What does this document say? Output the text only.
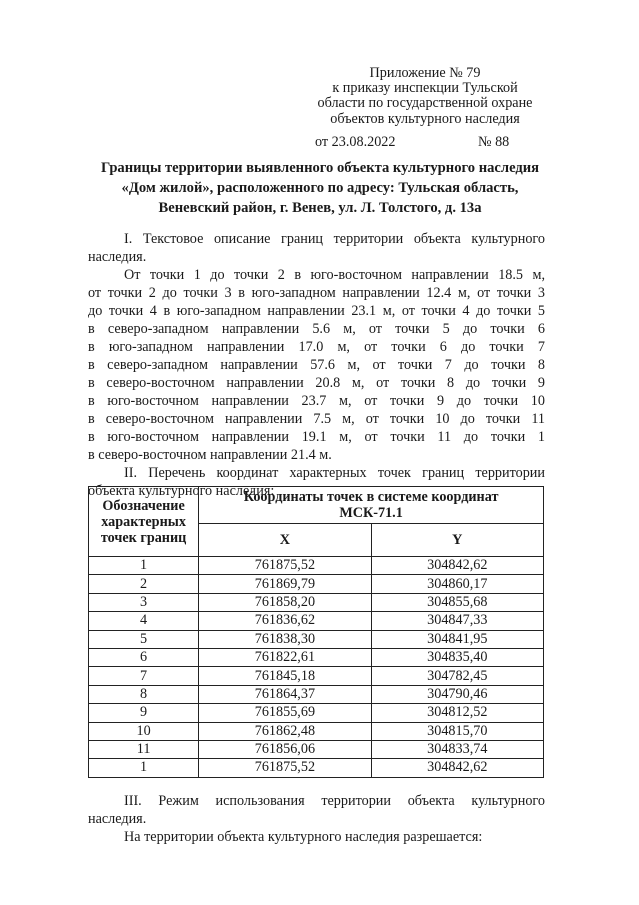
Приложение № 79
к приказу инспекции Тульской
области по государственной охране
объектов культурного наследия
от 23.08.2022	№ 88
Границы территории выявленного объекта культурного наследия
«Дом жилой», расположенного по адресу: Тульская область,
Веневский район, г. Венев, ул. Л. Толстого, д. 13а
I. Текстовое описание границ территории объекта культурного
наследия.
От точки 1 до точки 2 в юго-восточном направлении 18.5 м,
от точки 2 до точки 3 в юго-западном направлении 12.4 м, от точки 3
до точки 4 в юго-западном направлении 23.1 м, от точки 4 до точки 5
в северо-западном направлении 5.6 м, от точки 5 до точки 6
в юго-западном направлении 17.0 м, от точки 6 до точки 7
в северо-западном направлении 57.6 м, от точки 7 до точки 8
в северо-восточном направлении 20.8 м, от точки 8 до точки 9
в юго-восточном направлении 23.7 м, от точки 9 до точки 10
в северо-восточном направлении 7.5 м, от точки 10 до точки 11
в юго-восточном направлении 19.1 м, от точки 11 до точки 1
в северо-восточном направлении 21.4 м.
II. Перечень координат характерных точек границ территории
объекта культурного наследия:
Обозначение характерных точек границ	Координаты точек в системе координат МСК-71.1	
	X	Y
1	761875,52	304842,62
2	761869,79	304860,17
3	761858,20	304855,68
4	761836,62	304847,33
5	761838,30	304841,95
6	761822,61	304835,40
7	761845,18	304782,45
8	761864,37	304790,46
9	761855,69	304812,52
10	761862,48	304815,70
11	761856,06	304833,74
1	761875,52	304842,62
III. Режим использования территории объекта культурного
наследия.
На территории объекта культурного наследия разрешается:
